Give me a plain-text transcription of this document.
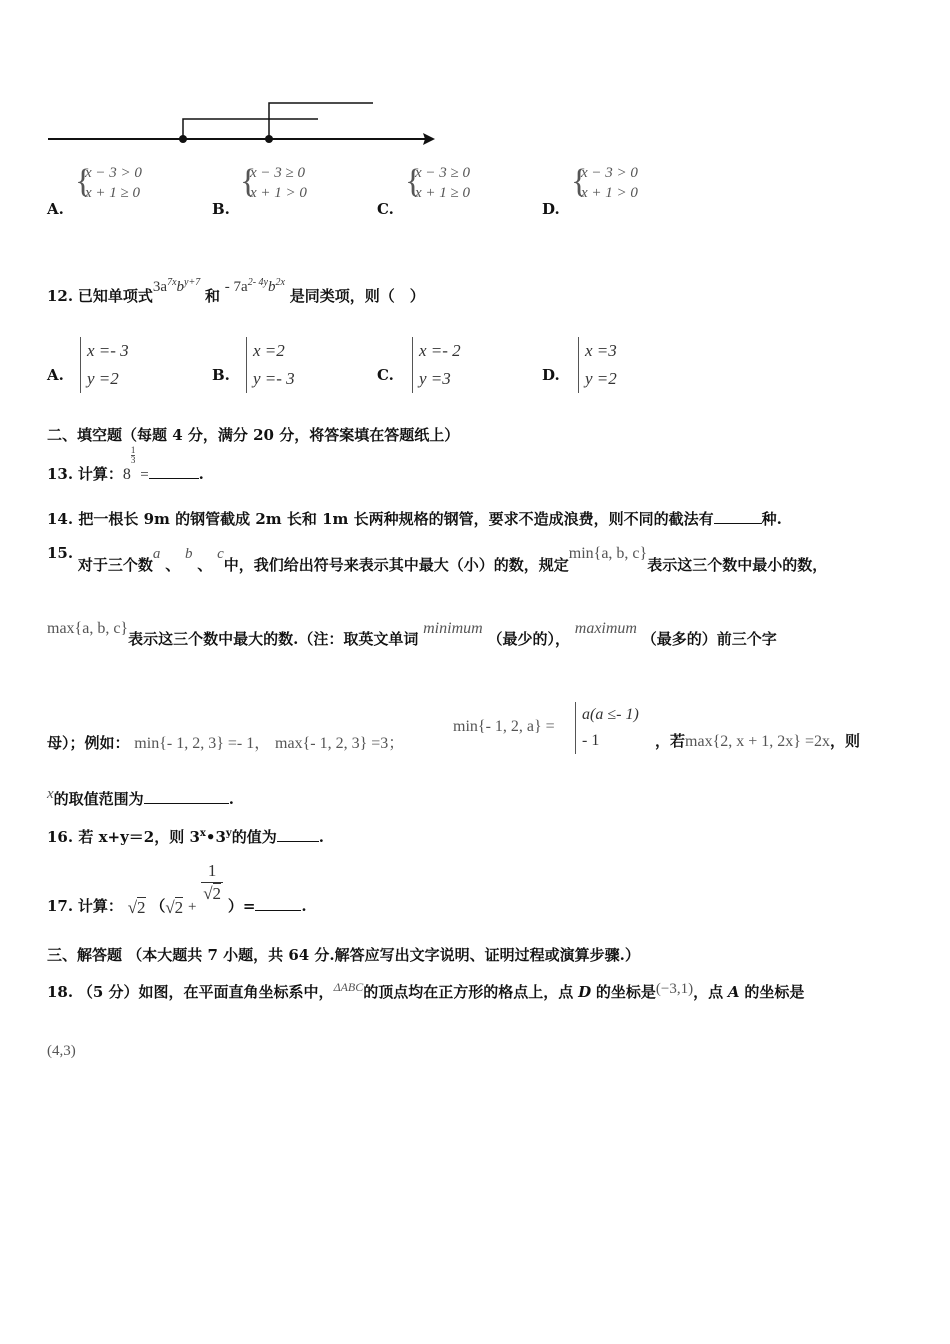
A.
{
x − 3 > 0
x + 1 ≥ 0
B.
{
x − 3 ≥ 0
x + 1 > 0
C.
{
x − 3 ≥ 0
x + 1 ≥ 0
D.
{
x − 3 > 0
x + 1 > 0
12. 已知单项式$3a^{7x}b^{y+7}$ 和 - $7a^{2- 4y}b^{2x}$ 是同类项，则（　）
A.
x =- 3
y =2	B.
x =2
y =- 3	C.
x =- 2
y =3	D.
x =3
y =2
二、填空题（每题 4 分，满分 20 分，将答案填在答题纸上）
13. 计算：$8\frac{1}{3}$ =	.
14. 把一根长 9m 的钢管截成 2m 长和 1m 长两种规格的钢管，要求不造成浪费，则不同的截法有	种.
15. 对于三个数a 、 b 、 c中，我们给出符号来表示其中最大（小）的数，规定min{a, b, c}表示这三个数中最小的数，
max{a, b, c}表示这三个数中最大的数.（注：取英文单词 minimum （最少的）， maximum （最多的）前三个字
母）；例如： min{- 1, 2, 3} =- 1， max{- 1, 2, 3} =3；
min{- 1, 2, a} =
a(a ≤- 1)
- 1	，若max{2, x + 1, 2x} =2x，则
x的取值范围为	.
16. 若 x+y＝2，则 3$^x$•3$^y$的值为	.
17. 计算： √2 （$√2 + \frac{1}{√2}$ ）=	.
三、解答题 （本大题共 7 小题，共 64 分.解答应写出文字说明、证明过程或演算步骤.）
18. （5 分）如图，在平面直角坐标系中，$^{\Delta ABC}$的顶点均在正方形的格点上，点 D 的坐标是(−3,1)，点 A 的坐标是
(4,3)
